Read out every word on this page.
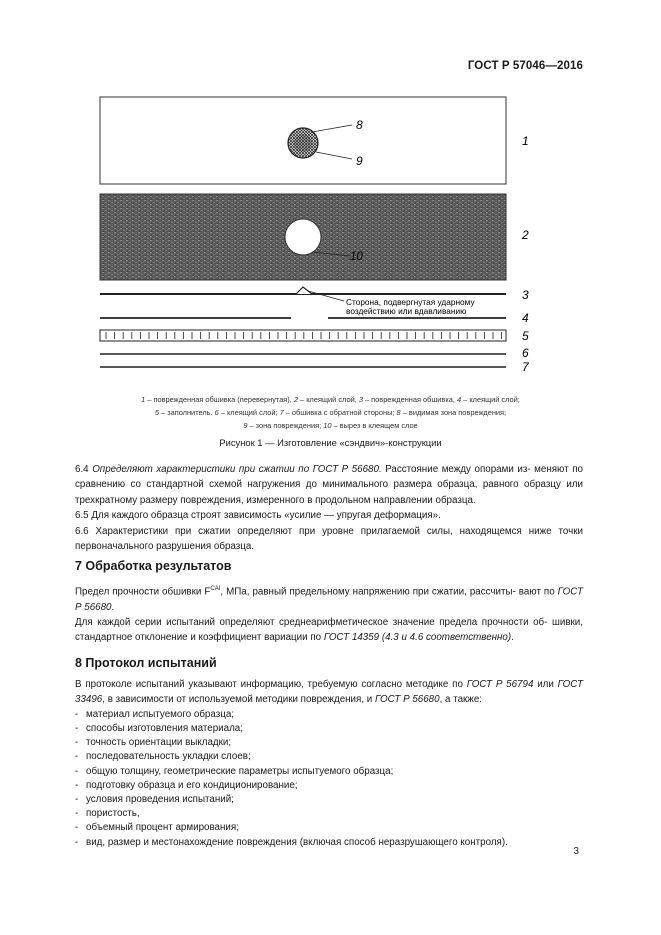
ГОСТ Р 57046—2016
8
9
1
10
2
Сторона, подвергнутая ударному
воздействию или вдавливанию
3
4
5
6
7
1 – поврежденная обшивка (перевернутая), 2 – клеящий слой, 3 – поврежденная обшивка, 4 – клеящий слой;
5 – заполнитель. 6 – клеящий слой; 7 – обшивка с обратной стороны; 8 – видимая зона повреждения;
9 – зона повреждения; 10 – вырез в клеящем слое
Рисунок 1 — Изготовление «сэндвич»-конструкции

6.4 Определяют характеристики при сжатии по ГОСТ Р 56680. Расстояние между опорами из- меняют по сравнению со стандартной схемой нагружения до минимального размера образца, равного образцу или трехкратному размеру повреждения, измеренного в продольном направлении образца.

6.5 Для каждого образца строят зависимость «усилие — упругая деформация».

6.6 Характеристики при сжатии определяют при уровне прилагаемой силы, находящемся ниже точки первоначального разрушения образца.

7 Обработка результатов

Предел прочности обшивки $F^{CAI}$, МПа, равный предельному напряжению при сжатии, рассчиты- вают по ГОСТ Р 56680.

Для каждой серии испытаний определяют среднеарифметическое значение предела прочности об- шивки, стандартное отклонение и коэффициент вариации по ГОСТ 14359 (4.3 и 4.6 соответственно).

8 Протокол испытаний

В протоколе испытаний указывают информацию, требуемую согласно методике по ГОСТ Р 56794 или ГОСТ 33496, в зависимости от используемой методики повреждения, и ГОСТ Р 56680, а также:

- материал испытуемого образца;
- способы изготовления материала;
- точность ориентации выкладки;
- последовательность укладки слоев;
- общую толщину, геометрические параметры испытуемого образца;
- подготовку образца и его кондиционирование;
- условия проведения испытаний;
- пористость,
- объемный процент армирования;
- вид, размер и местонахождение повреждения (включая способ неразрушающего контроля).
3
